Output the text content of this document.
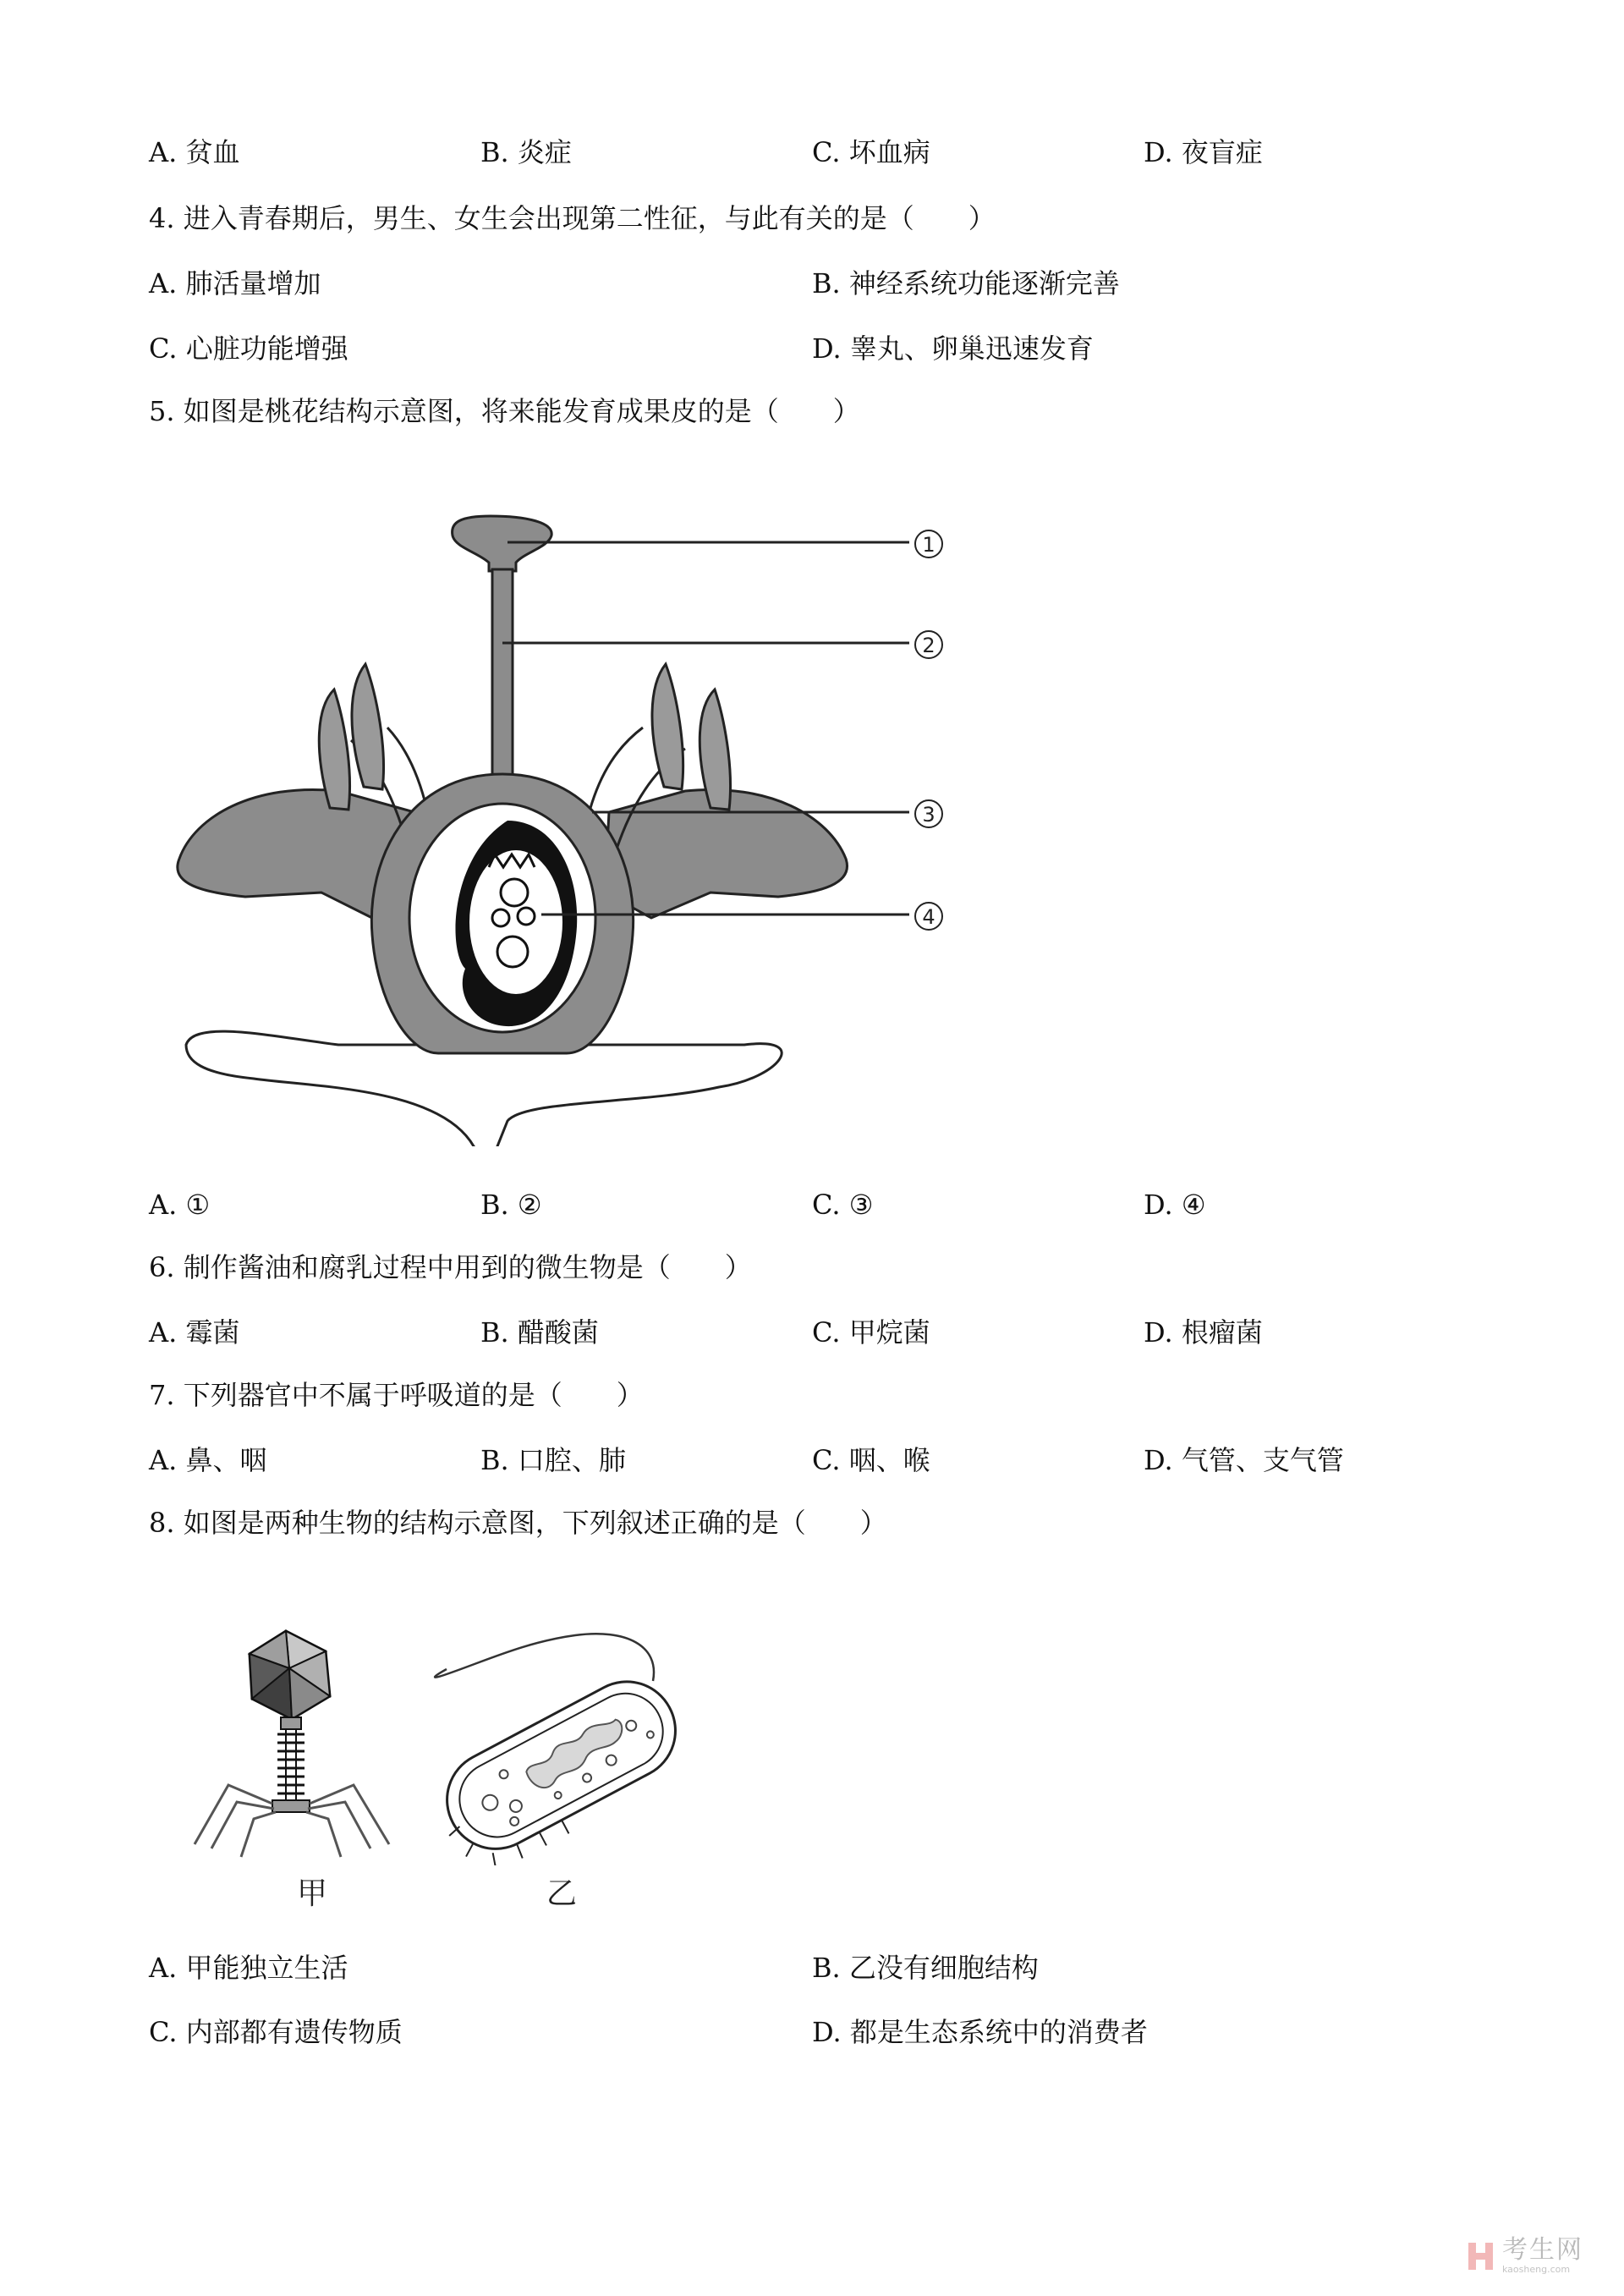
A. 贫血	B. 炎症	C. 坏血病	D. 夜盲症
4. 进入青春期后，男生、女生会出现第二性征，与此有关的是（　　）
A. 肺活量增加	B. 神经系统功能逐渐完善
C. 心脏功能增强	D. 睾丸、卵巢迅速发育
5. 如图是桃花结构示意图，将来能发育成果皮的是（　　）
1
2
3
4
A. ①	B. ②	C. ③	D. ④
6. 制作酱油和腐乳过程中用到的微生物是（　　）
A. 霉菌	B. 醋酸菌	C. 甲烷菌	D. 根瘤菌
7. 下列器官中不属于呼吸道的是（　　）
A. 鼻、咽	B. 口腔、肺	C. 咽、喉	D. 气管、支气管
8. 如图是两种生物的结构示意图，下列叙述正确的是（　　）
甲	乙
A. 甲能独立生活	B. 乙没有细胞结构
C. 内部都有遗传物质	D. 都是生态系统中的消费者
考生网
kaosheng.com
